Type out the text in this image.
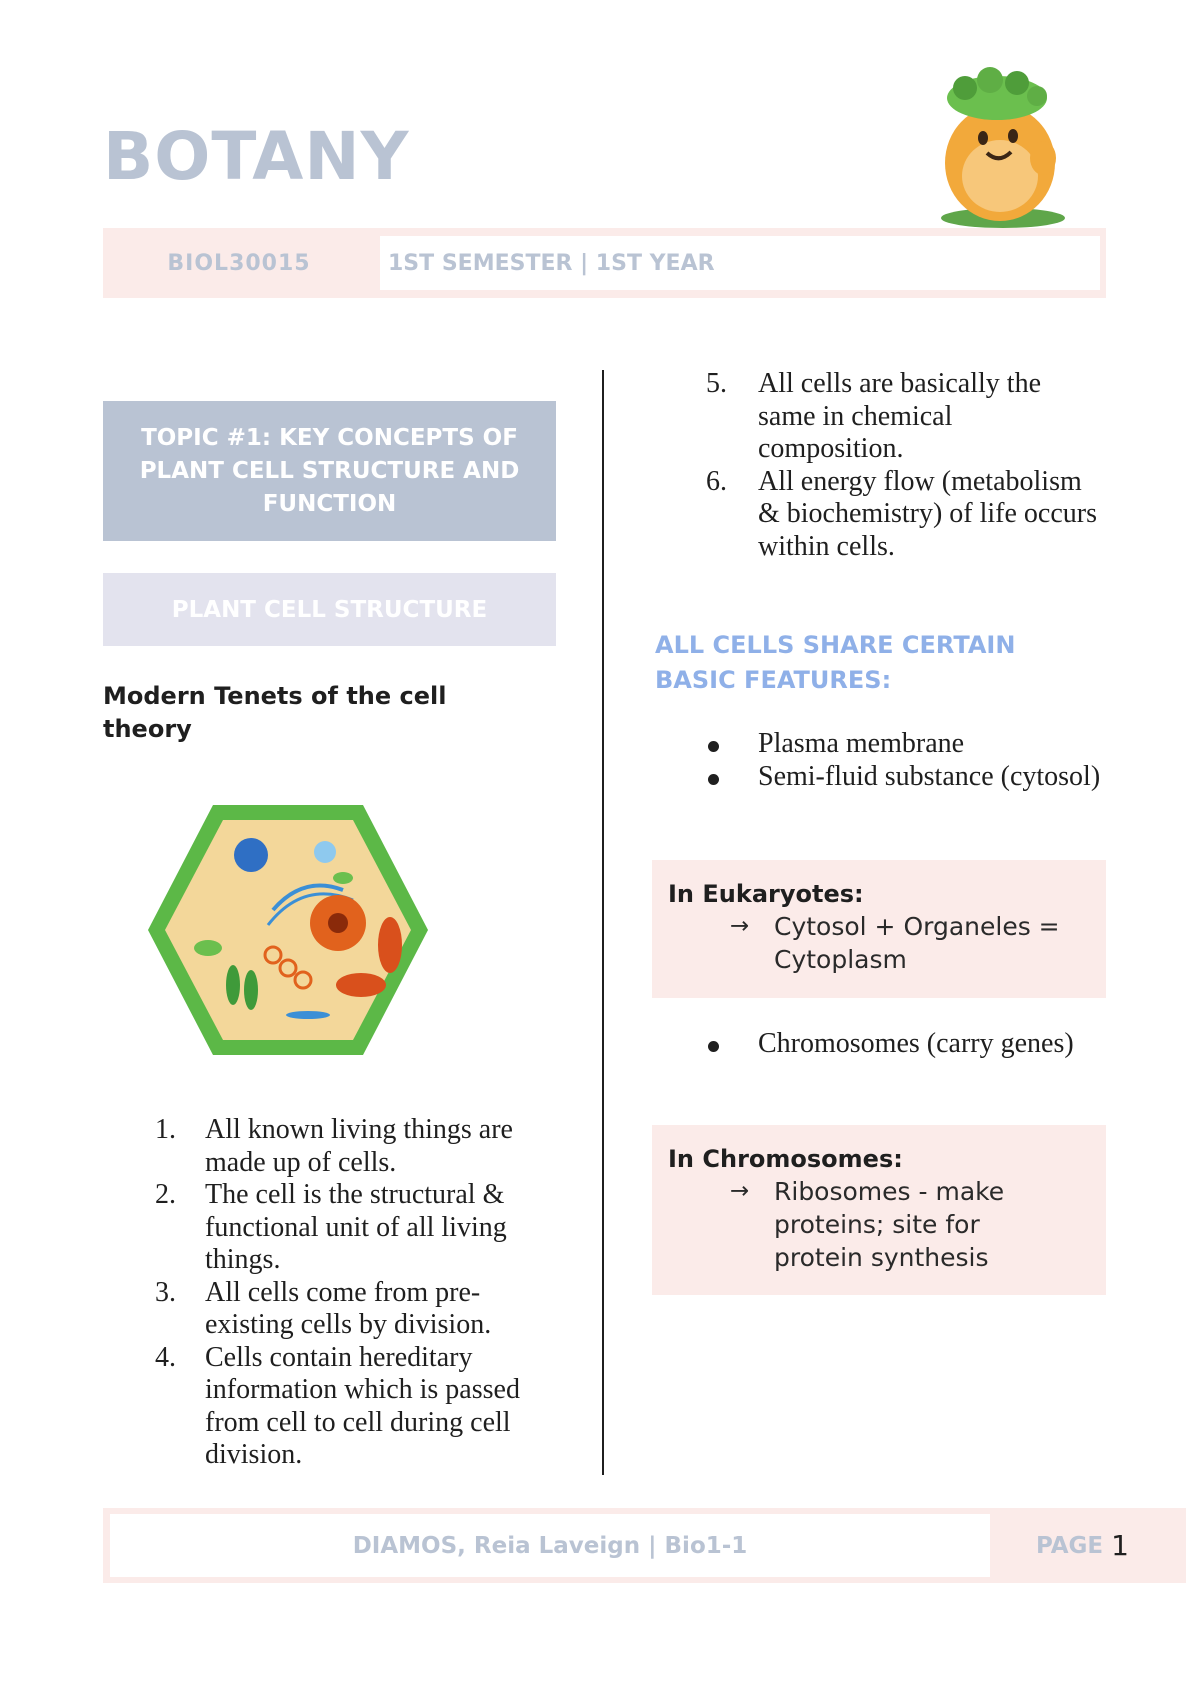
BOTANY
BIOL30015	1ST SEMESTER | 1ST YEAR
TOPIC #1: KEY CONCEPTS OF PLANT CELL STRUCTURE AND FUNCTION
PLANT CELL STRUCTURE
Modern Tenets of the cell theory
1. All known living things are made up of cells.
2. The cell is the structural & functional unit of all living things.
3. All cells come from pre-existing cells by division.
4. Cells contain hereditary information which is passed from cell to cell during cell division.
5. All cells are basically the same in chemical composition.
6. All energy flow (metabolism & biochemistry) of life occurs within cells.
ALL CELLS SHARE CERTAIN BASIC FEATURES:
Plasma membrane
Semi-fluid substance (cytosol)
In Eukaryotes:
→ Cytosol + Organeles =
Cytoplasm
Chromosomes (carry genes)
In Chromosomes:
→ Ribosomes - make
proteins; site for
protein synthesis
DIAMOS, Reia Laveign | Bio1-1	PAGE 1
